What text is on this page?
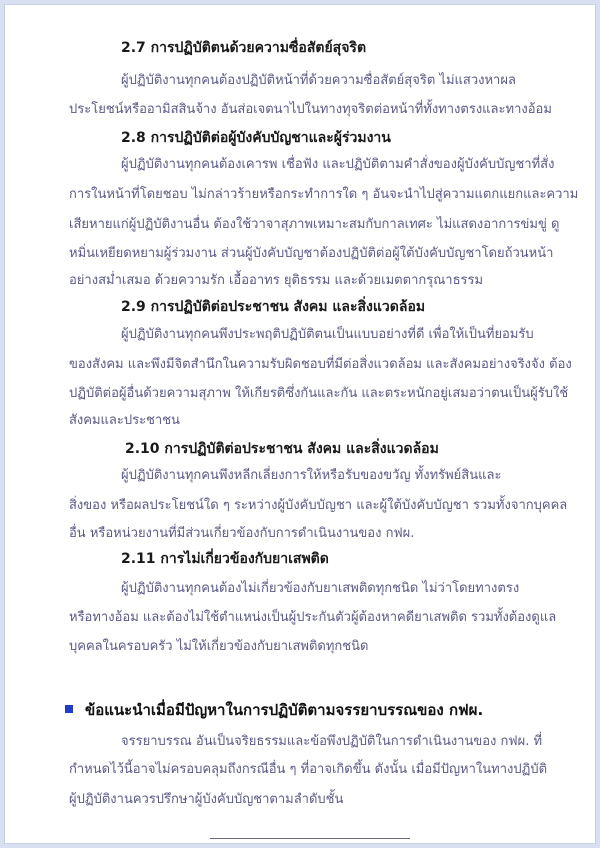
2.7 การปฏิบัติตนด้วยความซื่อสัตย์สุจริต
ผู้ปฏิบัติงานทุกคนต้องปฏิบัติหน้าที่ด้วยความซื่อสัตย์สุจริต ไม่แสวงหาผล
ประโยชน์หรืออามิสสินจ้าง อันส่อเจตนาไปในทางทุจริตต่อหน้าที่ทั้งทางตรงและทางอ้อม
2.8 การปฏิบัติต่อผู้บังคับบัญชาและผู้ร่วมงาน
ผู้ปฏิบัติงานทุกคนต้องเคารพ เชื่อฟัง และปฏิบัติตามคำสั่งของผู้บังคับบัญชาที่สั่ง
การในหน้าที่โดยชอบ ไม่กล่าวร้ายหรือกระทำการใด ๆ อันจะนำไปสู่ความแตกแยกและความ
เสียหายแก่ผู้ปฏิบัติงานอื่น ต้องใช้วาจาสุภาพเหมาะสมกับกาลเทศะ ไม่แสดงอาการข่มขู่ ดู
หมิ่นเหยียดหยามผู้ร่วมงาน ส่วนผู้บังคับบัญชาต้องปฏิบัติต่อผู้ใต้บังคับบัญชาโดยถ้วนหน้า
อย่างสม่ำเสมอ ด้วยความรัก เอื้ออาทร ยุติธรรม และด้วยเมตตากรุณาธรรม
2.9 การปฏิบัติต่อประชาชน สังคม และสิ่งแวดล้อม
ผู้ปฏิบัติงานทุกคนพึงประพฤติปฏิบัติตนเป็นแบบอย่างที่ดี เพื่อให้เป็นที่ยอมรับ
ของสังคม และพึงมีจิตสำนึกในความรับผิดชอบที่มีต่อสิ่งแวดล้อม และสังคมอย่างจริงจัง ต้อง
ปฏิบัติต่อผู้อื่นด้วยความสุภาพ ให้เกียรติซึ่งกันและกัน และตระหนักอยู่เสมอว่าตนเป็นผู้รับใช้
สังคมและประชาชน
2.10 การปฏิบัติต่อประชาชน สังคม และสิ่งแวดล้อม
ผู้ปฏิบัติงานทุกคนพึงหลีกเลี่ยงการให้หรือรับของขวัญ ทั้งทรัพย์สินและ
สิ่งของ หรือผลประโยชน์ใด ๆ ระหว่างผู้บังคับบัญชา และผู้ใต้บังคับบัญชา รวมทั้งจากบุคคล
อื่น หรือหน่วยงานที่มีส่วนเกี่ยวข้องกับการดำเนินงานของ กฟผ.
2.11 การไม่เกี่ยวข้องกับยาเสพติด
ผู้ปฏิบัติงานทุกคนต้องไม่เกี่ยวข้องกับยาเสพติดทุกชนิด ไม่ว่าโดยทางตรง
หรือทางอ้อม และต้องไม่ใช้ตำแหน่งเป็นผู้ประกันตัวผู้ต้องหาคดียาเสพติด รวมทั้งต้องดูแล
บุคคลในครอบครัว ไม่ให้เกี่ยวข้องกับยาเสพติดทุกชนิด
ข้อแนะนำเมื่อมีปัญหาในการปฏิบัติตามจรรยาบรรณของ กฟผ.
จรรยาบรรณ อันเป็นจริยธรรมและข้อพึงปฏิบัติในการดำเนินงานของ กฟผ. ที่
กำหนดไว้นี้อาจไม่ครอบคลุมถึงกรณีอื่น ๆ ที่อาจเกิดขึ้น ดังนั้น เมื่อมีปัญหาในทางปฏิบัติ
ผู้ปฏิบัติงานควรปรึกษาผู้บังคับบัญชาตามลำดับชั้น
